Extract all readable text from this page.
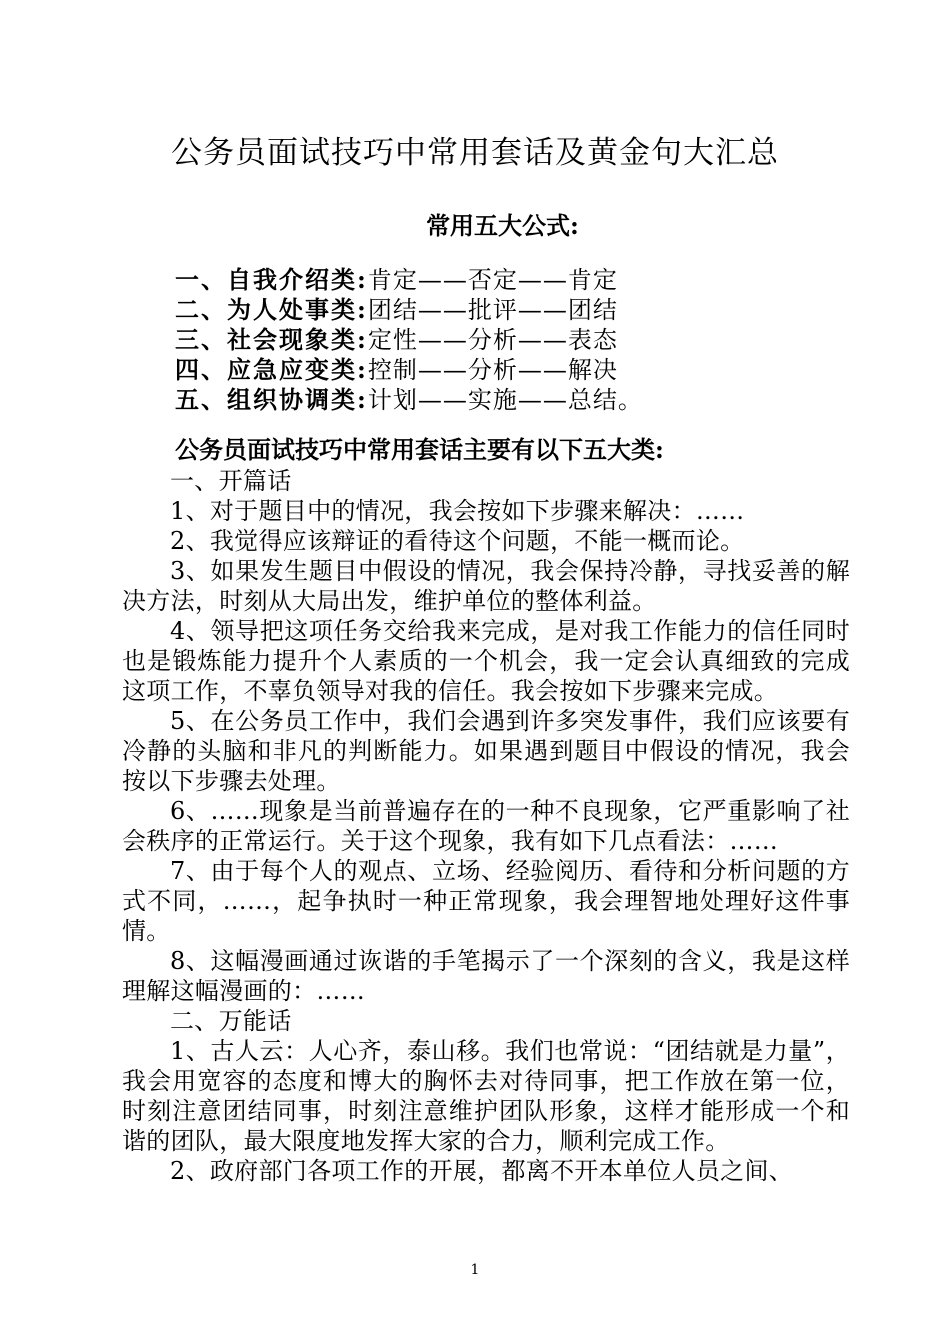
公务员面试技巧中常用套话及黄金句大汇总
常用五大公式:
一、自我介绍类:肯定——否定——肯定
二、为人处事类:团结——批评——团结
三、社会现象类:定性——分析——表态
四、应急应变类:控制——分析——解决
五、组织协调类:计划——实施——总结。
公务员面试技巧中常用套话主要有以下五大类:

一、开篇话

1、对于题目中的情况，我会按如下步骤来解决：……

2、我觉得应该辩证的看待这个问题，不能一概而论。

3、如果发生题目中假设的情况，我会保持冷静，寻找妥善的解决方法，时刻从大局出发，维护单位的整体利益。

4、领导把这项任务交给我来完成，是对我工作能力的信任同时也是锻炼能力提升个人素质的一个机会，我一定会认真细致的完成这项工作，不辜负领导对我的信任。我会按如下步骤来完成。

5、在公务员工作中，我们会遇到许多突发事件，我们应该要有冷静的头脑和非凡的判断能力。如果遇到题目中假设的情况，我会按以下步骤去处理。

6、……现象是当前普遍存在的一种不良现象，它严重影响了社会秩序的正常运行。关于这个现象，我有如下几点看法：……

7、由于每个人的观点、立场、经验阅历、看待和分析问题的方式不同，……，起争执时一种正常现象，我会理智地处理好这件事情。

8、这幅漫画通过诙谐的手笔揭示了一个深刻的含义，我是这样理解这幅漫画的：……

二、万能话

1、古人云：人心齐，泰山移。我们也常说：“团结就是力量”，我会用宽容的态度和博大的胸怀去对待同事，把工作放在第一位，时刻注意团结同事，时刻注意维护团队形象，这样才能形成一个和谐的团队，最大限度地发挥大家的合力，顺利完成工作。

2、政府部门各项工作的开展，都离不开本单位人员之间、

1
